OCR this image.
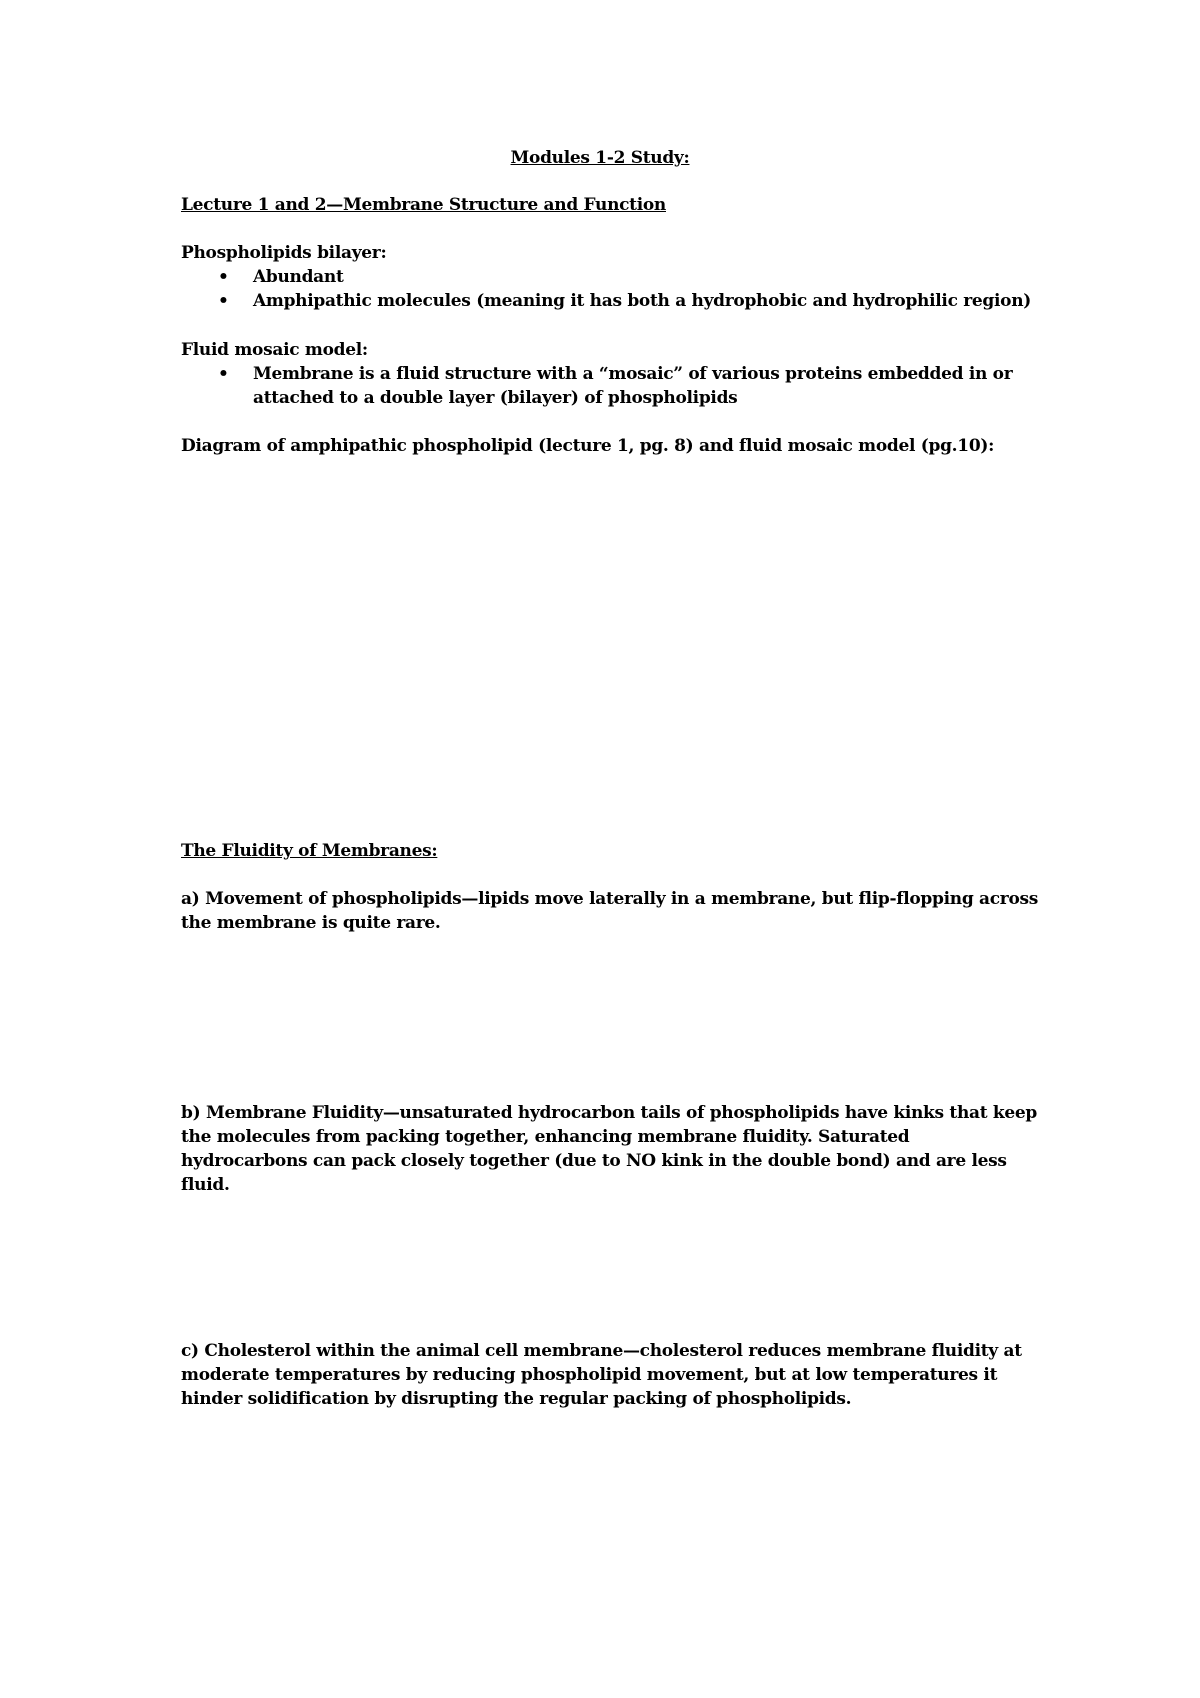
Modules 1-2 Study:
Lecture 1 and 2—Membrane Structure and Function
Phospholipids bilayer:
• Abundant
• Amphipathic molecules (meaning it has both a hydrophobic and hydrophilic region)
Fluid mosaic model:
• Membrane is a fluid structure with a “mosaic” of various proteins embedded in or
attached to a double layer (bilayer) of phospholipids
Diagram of amphipathic phospholipid (lecture 1, pg. 8) and fluid mosaic model (pg.10):
The Fluidity of Membranes:
a) Movement of phospholipids—lipids move laterally in a membrane, but flip-flopping across the membrane is quite rare.
b) Membrane Fluidity—unsaturated hydrocarbon tails of phospholipids have kinks that keep the molecules from packing together, enhancing membrane fluidity. Saturated hydrocarbons can pack closely together (due to NO kink in the double bond) and are less fluid.
c) Cholesterol within the animal cell membrane—cholesterol reduces membrane fluidity at moderate temperatures by reducing phospholipid movement, but at low temperatures it hinder solidification by disrupting the regular packing of phospholipids.
